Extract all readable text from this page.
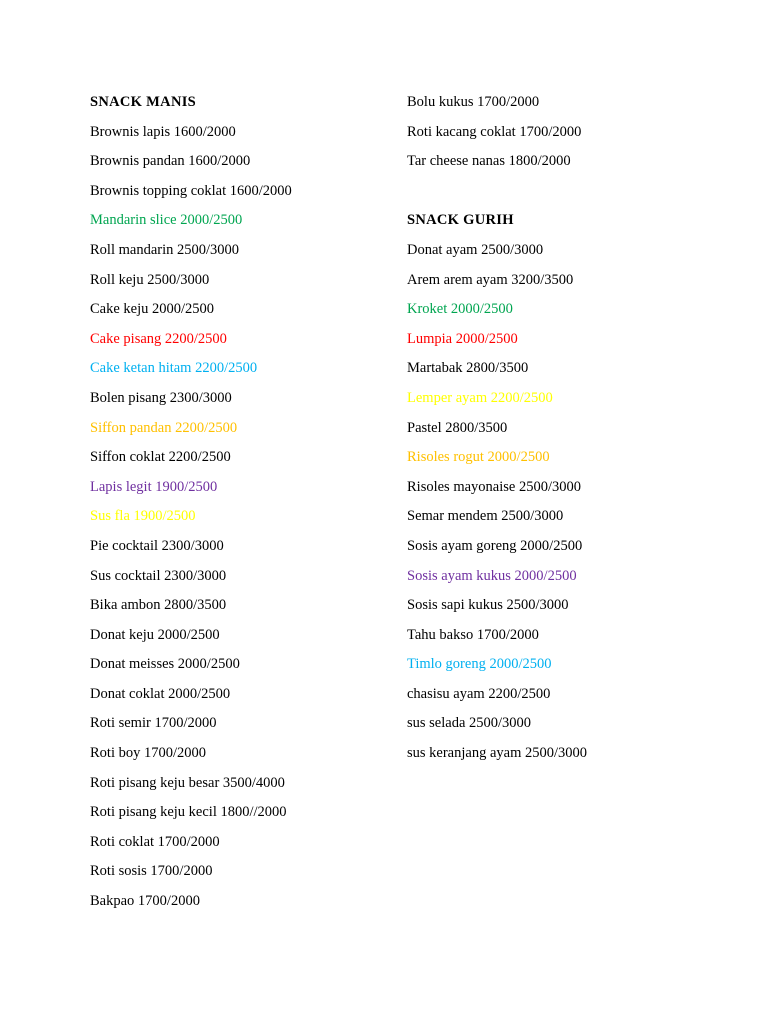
SNACK MANIS
Brownis lapis 1600/2000
Brownis pandan 1600/2000
Brownis topping coklat 1600/2000
Mandarin slice 2000/2500
Roll mandarin 2500/3000
Roll keju 2500/3000
Cake keju 2000/2500
Cake pisang 2200/2500
Cake ketan hitam 2200/2500
Bolen pisang 2300/3000
Siffon pandan 2200/2500
Siffon coklat 2200/2500
Lapis legit 1900/2500
Sus fla 1900/2500
Pie cocktail 2300/3000
Sus cocktail 2300/3000
Bika ambon 2800/3500
Donat keju 2000/2500
Donat meisses 2000/2500
Donat coklat 2000/2500
Roti semir 1700/2000
Roti boy 1700/2000
Roti pisang keju besar 3500/4000
Roti pisang keju kecil 1800//2000
Roti coklat 1700/2000
Roti sosis 1700/2000
Bakpao 1700/2000
Bolu kukus 1700/2000
Roti kacang coklat 1700/2000
Tar cheese nanas 1800/2000
SNACK GURIH
Donat ayam 2500/3000
Arem arem ayam 3200/3500
Kroket 2000/2500
Lumpia 2000/2500
Martabak 2800/3500
Lemper ayam 2200/2500
Pastel 2800/3500
Risoles rogut 2000/2500
Risoles mayonaise 2500/3000
Semar mendem 2500/3000
Sosis ayam goreng 2000/2500
Sosis ayam kukus 2000/2500
Sosis sapi kukus 2500/3000
Tahu bakso 1700/2000
Timlo goreng 2000/2500
chasisu ayam 2200/2500
sus selada 2500/3000
sus keranjang ayam 2500/3000
